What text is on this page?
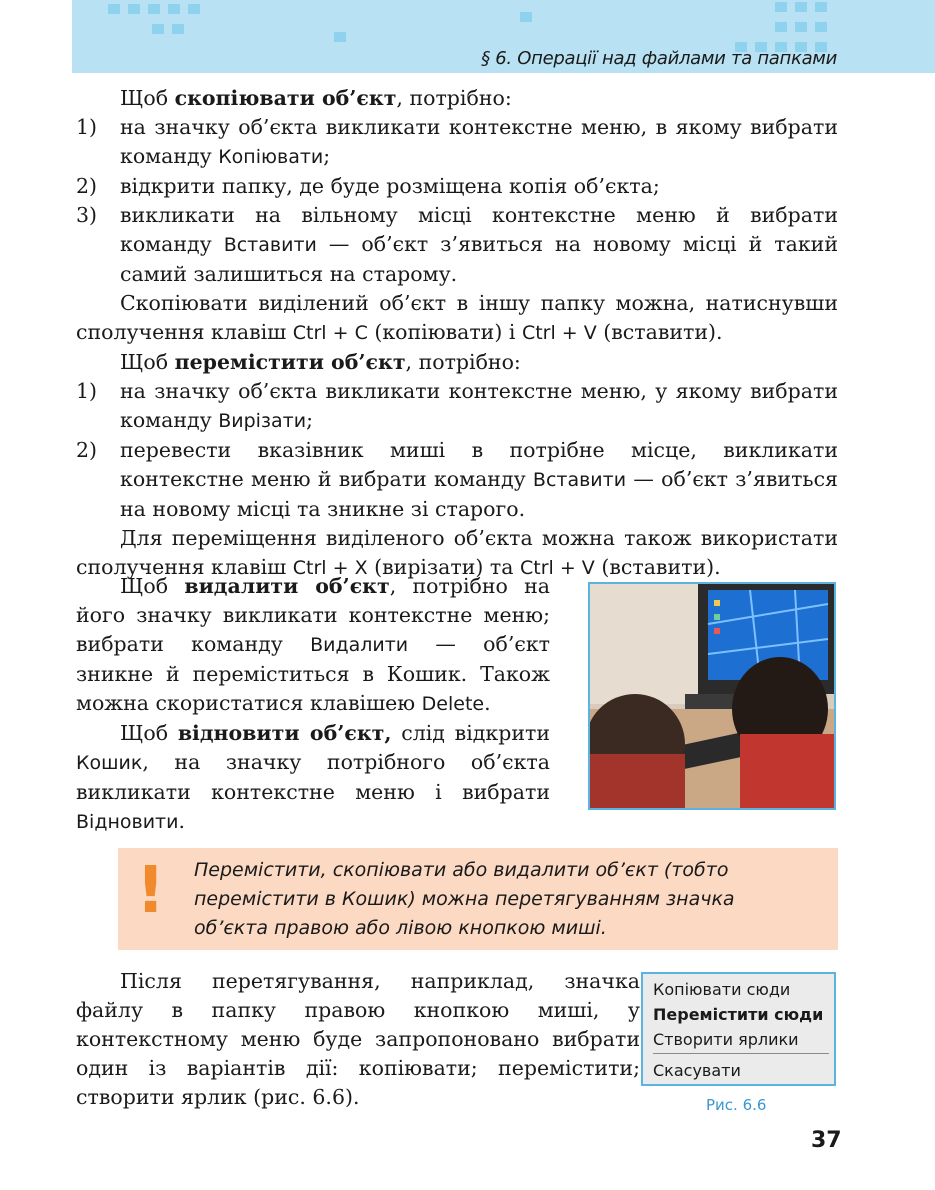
§ 6. Операції над файлами та папками

Щоб скопіювати об’єкт, потрібно:

1) на значку об’єкта викликати контекстне меню, в якому вибрати команду Копіювати;

2) відкрити папку, де буде розміщена копія об’єкта;

3) викликати на вільному місці контекстне меню й вибрати команду Вставити — об’єкт з’явиться на новому місці й такий самий залишиться на старому.

Скопіювати виділений об’єкт в іншу папку можна, натиснувши сполучення клавіш Ctrl + C (копіювати) і Ctrl + V (вставити).

Щоб перемістити об’єкт, потрібно:

1) на значку об’єкта викликати контекстне меню, у якому вибрати команду Вирізати;

2) перевести вказівник миші в потрібне місце, викликати контекстне меню й вибрати команду Вставити — об’єкт з’явиться на новому місці та зникне зі старого.

Для переміщення виділеного об’єкта можна також використати сполучення клавіш Ctrl + X (вирізати) та Ctrl + V (вставити).

Щоб видалити об’єкт, потрібно на його значку викликати контекстне меню; вибрати команду Видалити — об’єкт зникне й переміститься в Кошик. Також можна скористатися клавішею Delete.

Щоб відновити об’єкт, слід відкрити Кошик, на значку потрібного об’єкта викликати контекстне меню і вибрати Відновити.

! Перемістити, скопіювати або видалити об’єкт (тобто перемістити в Кошик) можна перетягуванням значка об’єкта правою або лівою кнопкою миші.

Після перетягування, наприклад, значка файлу в папку правою кнопкою миші, у контекстному меню буде запропоновано вибрати один із варіантів дії: копіювати; перемістити; створити ярлик (рис. 6.6).

Копіювати сюди
Перемістити сюди
Створити ярлики
Скасувати
Рис. 6.6
37
